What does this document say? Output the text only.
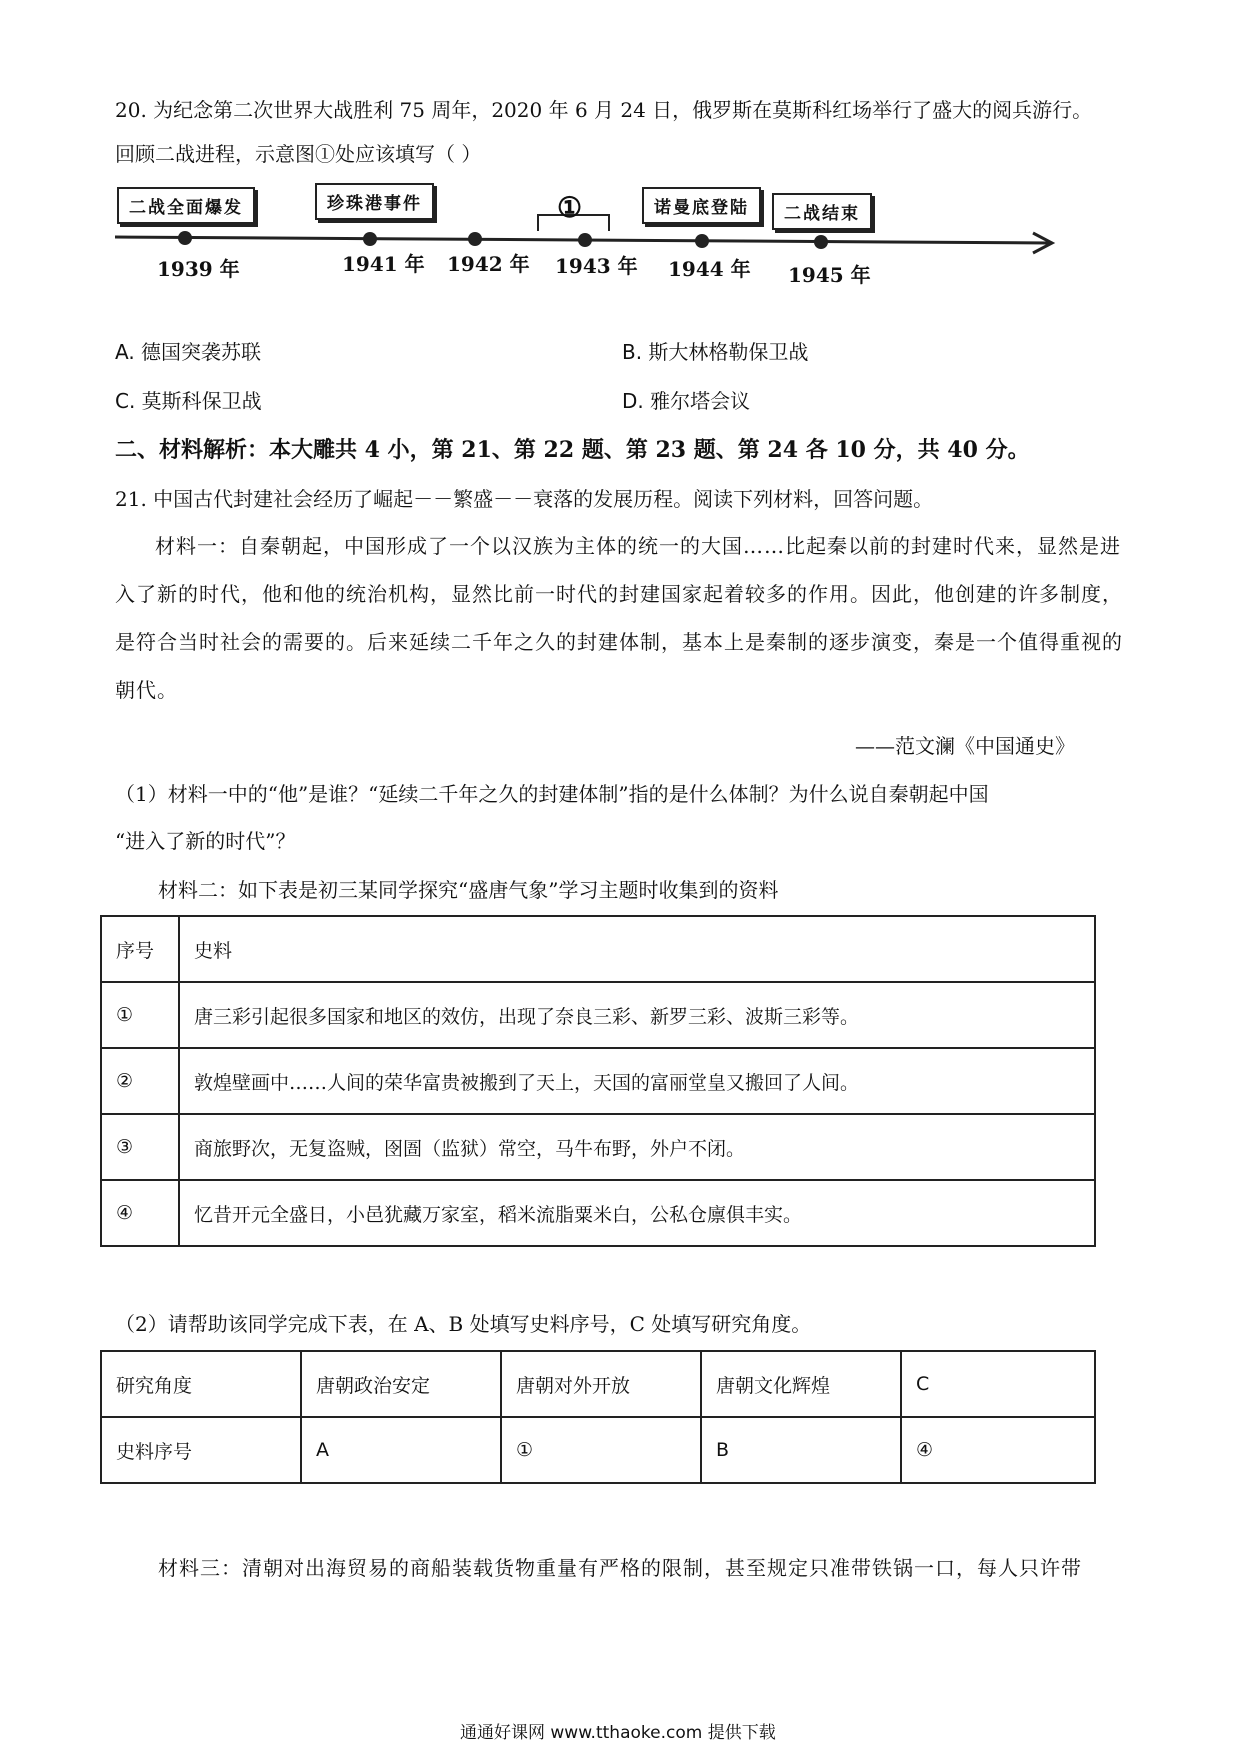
20. 为纪念第二次世界大战胜利 75 周年，2020 年 6 月 24 日，俄罗斯在莫斯科红场举行了盛大的阅兵游行。
回顾二战进程，示意图①处应该填写（ ）
二战全面爆发	珍珠港事件	①	诺曼底登陆	二战结束
1939 年	1941 年 1942 年 1943 年 1944 年 1945 年
A. 德国突袭苏联	B. 斯大林格勒保卫战
C. 莫斯科保卫战	D. 雅尔塔会议
二、材料解析：本大雕共 4 小，第 21、第 22 题、第 23 题、第 24 各 10 分，共 40 分。
21. 中国古代封建社会经历了崛起－－繁盛－－衰落的发展历程。阅读下列材料，回答问题。
材料一：自秦朝起，中国形成了一个以汉族为主体的统一的大国……比起秦以前的封建时代来，显然是进入了新的时代，他和他的统治机构，显然比前一时代的封建国家起着较多的作用。因此，他创建的许多制度，是符合当时社会的需要的。后来延续二千年之久的封建体制，基本上是秦制的逐步演变，秦是一个值得重视的朝代。
——范文澜《中国通史》
（1）材料一中的“他”是谁？“延续二千年之久的封建体制”指的是什么体制？为什么说自秦朝起中国
“进入了新的时代”？
材料二：如下表是初三某同学探究“盛唐气象”学习主题时收集到的资料
序号	史料
①	唐三彩引起很多国家和地区的效仿，出现了奈良三彩、新罗三彩、波斯三彩等。
②	敦煌壁画中……人间的荣华富贵被搬到了天上，天国的富丽堂皇又搬回了人间。
③	商旅野次，无复盗贼，囹圄（监狱）常空，马牛布野，外户不闭。
④	忆昔开元全盛日，小邑犹藏万家室，稻米流脂粟米白，公私仓廪俱丰实。
（2）请帮助该同学完成下表，在 A、B 处填写史料序号，C 处填写研究角度。
研究角度	唐朝政治安定	唐朝对外开放	唐朝文化辉煌	C
史料序号	A	①	B	④
材料三：清朝对出海贸易的商船装载货物重量有严格的限制，甚至规定只准带铁锅一口，每人只许带
通通好课网 www.tthaoke.com 提供下载
